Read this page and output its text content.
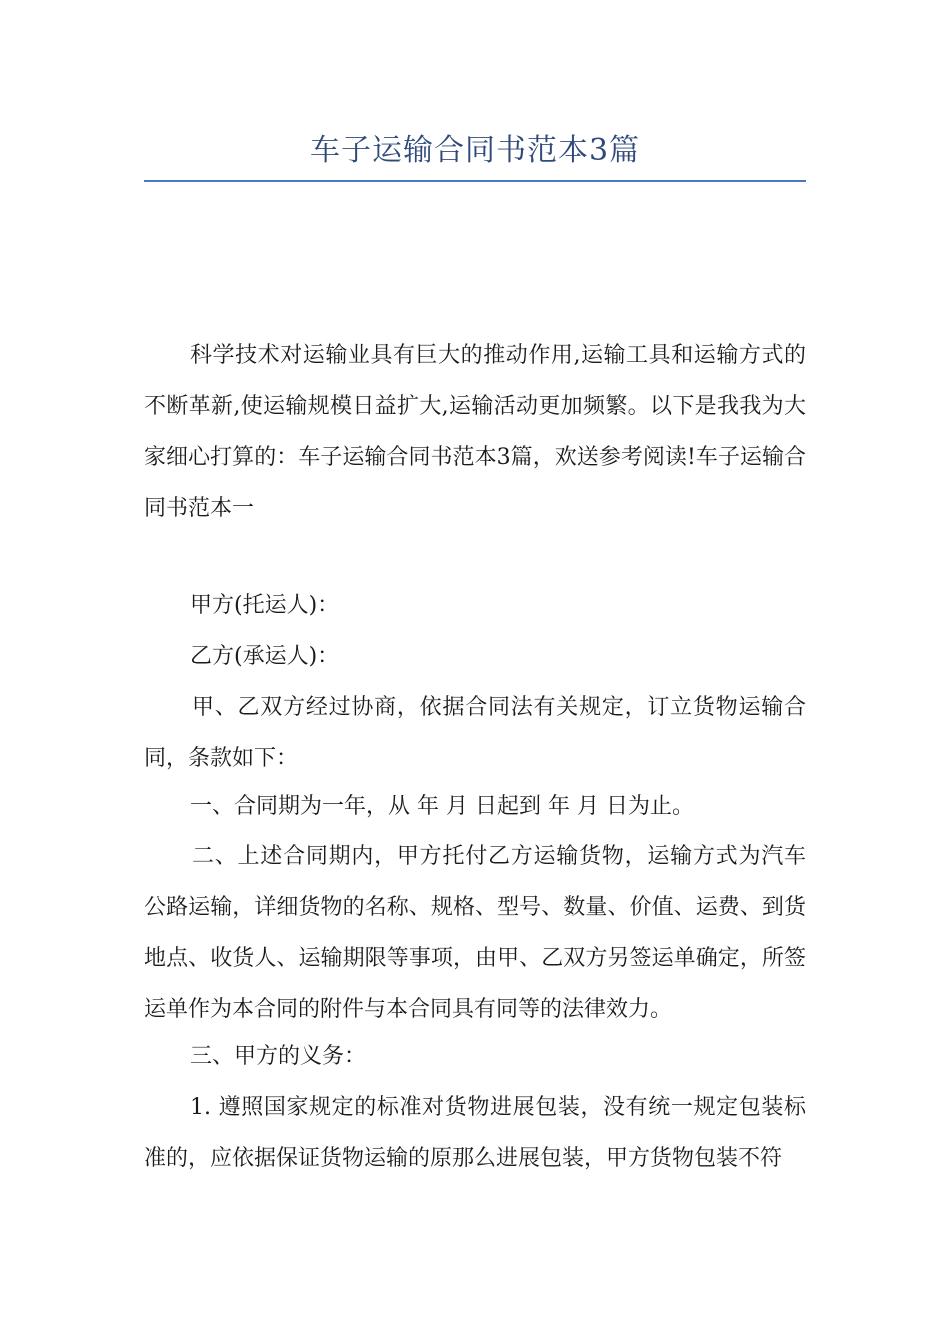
车子运输合同书范本3篇

科学技术对运输业具有巨大的推动作用,运输工具和运输方式的不断革新,使运输规模日益扩大,运输活动更加频繁。以下是我我为大家细心打算的：车子运输合同书范本3篇，欢送参考阅读!车子运输合同书范本一

甲方(托运人)：

乙方(承运人)：

甲、乙双方经过协商，依据合同法有关规定，订立货物运输合同，条款如下：

一、合同期为一年，从 年 月 日起到 年 月 日为止。

二、上述合同期内，甲方托付乙方运输货物，运输方式为汽车公路运输，详细货物的名称、规格、型号、数量、价值、运费、到货地点、收货人、运输期限等事项，由甲、乙双方另签运单确定，所签运单作为本合同的附件与本合同具有同等的法律效力。

三、甲方的义务：

1. 遵照国家规定的标准对货物进展包装，没有统一规定包装标准的，应依据保证货物运输的原那么进展包装，甲方货物包装不符
